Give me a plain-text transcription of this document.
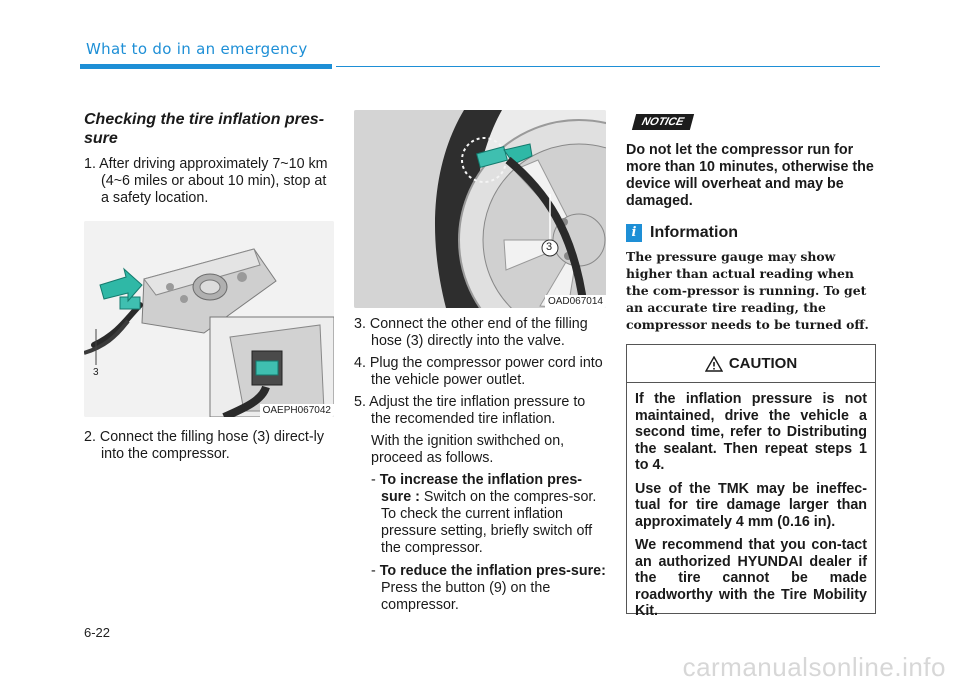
What to do in an emergency
Checking the tire inflation pres-sure
1. After driving approximately 7~10 km (4~6 miles or about 10 min), stop at a safety location.
3
OAEPH067042
2. Connect the filling hose (3) direct-ly into the compressor.
3
OAD067014
3. Connect the other end of the filling hose (3) directly into the valve.
4. Plug the compressor power cord into the vehicle power outlet.
5. Adjust the tire inflation pressure to the recomended tire inflation.
With the ignition swithched on, proceed as follows.
- To increase the inflation pres-sure : Switch on the compres-sor. To check the current inflation pressure setting, briefly switch off the compressor.
- To reduce the inflation pres-sure: Press the button (9) on the compressor.
NOTICE
Do not let the compressor run for more than 10 minutes, otherwise the device will overheat and may be damaged.
i Information

The pressure gauge may show higher than actual reading when the com-pressor is running. To get an accurate tire reading, the compressor needs to be turned off.

CAUTION

If the inflation pressure is not maintained, drive the vehicle a second time, refer to Distributing the sealant. Then repeat steps 1 to 4.

Use of the TMK may be ineffec-tual for tire damage larger than approximately 4 mm (0.16 in).

We recommend that you con-tact an authorized HYUNDAI dealer if the tire cannot be made roadworthy with the Tire Mobility Kit.

6-22
carmanualsonline.info
